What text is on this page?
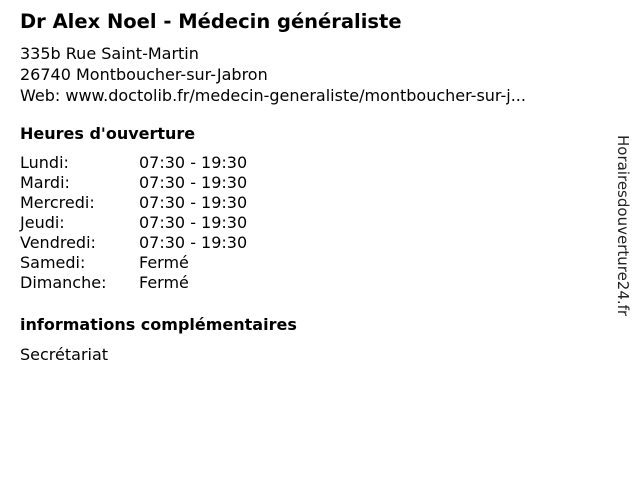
Dr Alex Noel - Médecin généraliste
335b Rue Saint-Martin
26740 Montboucher-sur-Jabron
Web: www.doctolib.fr/medecin-generaliste/montboucher-sur-j...
Heures d'ouverture
Lundi:	07:30 - 19:30
Mardi:	07:30 - 19:30
Mercredi:	07:30 - 19:30
Jeudi:	07:30 - 19:30
Vendredi:	07:30 - 19:30
Samedi:	Fermé
Dimanche: Fermé
informations complémentaires
Secrétariat
Horairesdouverture24.fr
